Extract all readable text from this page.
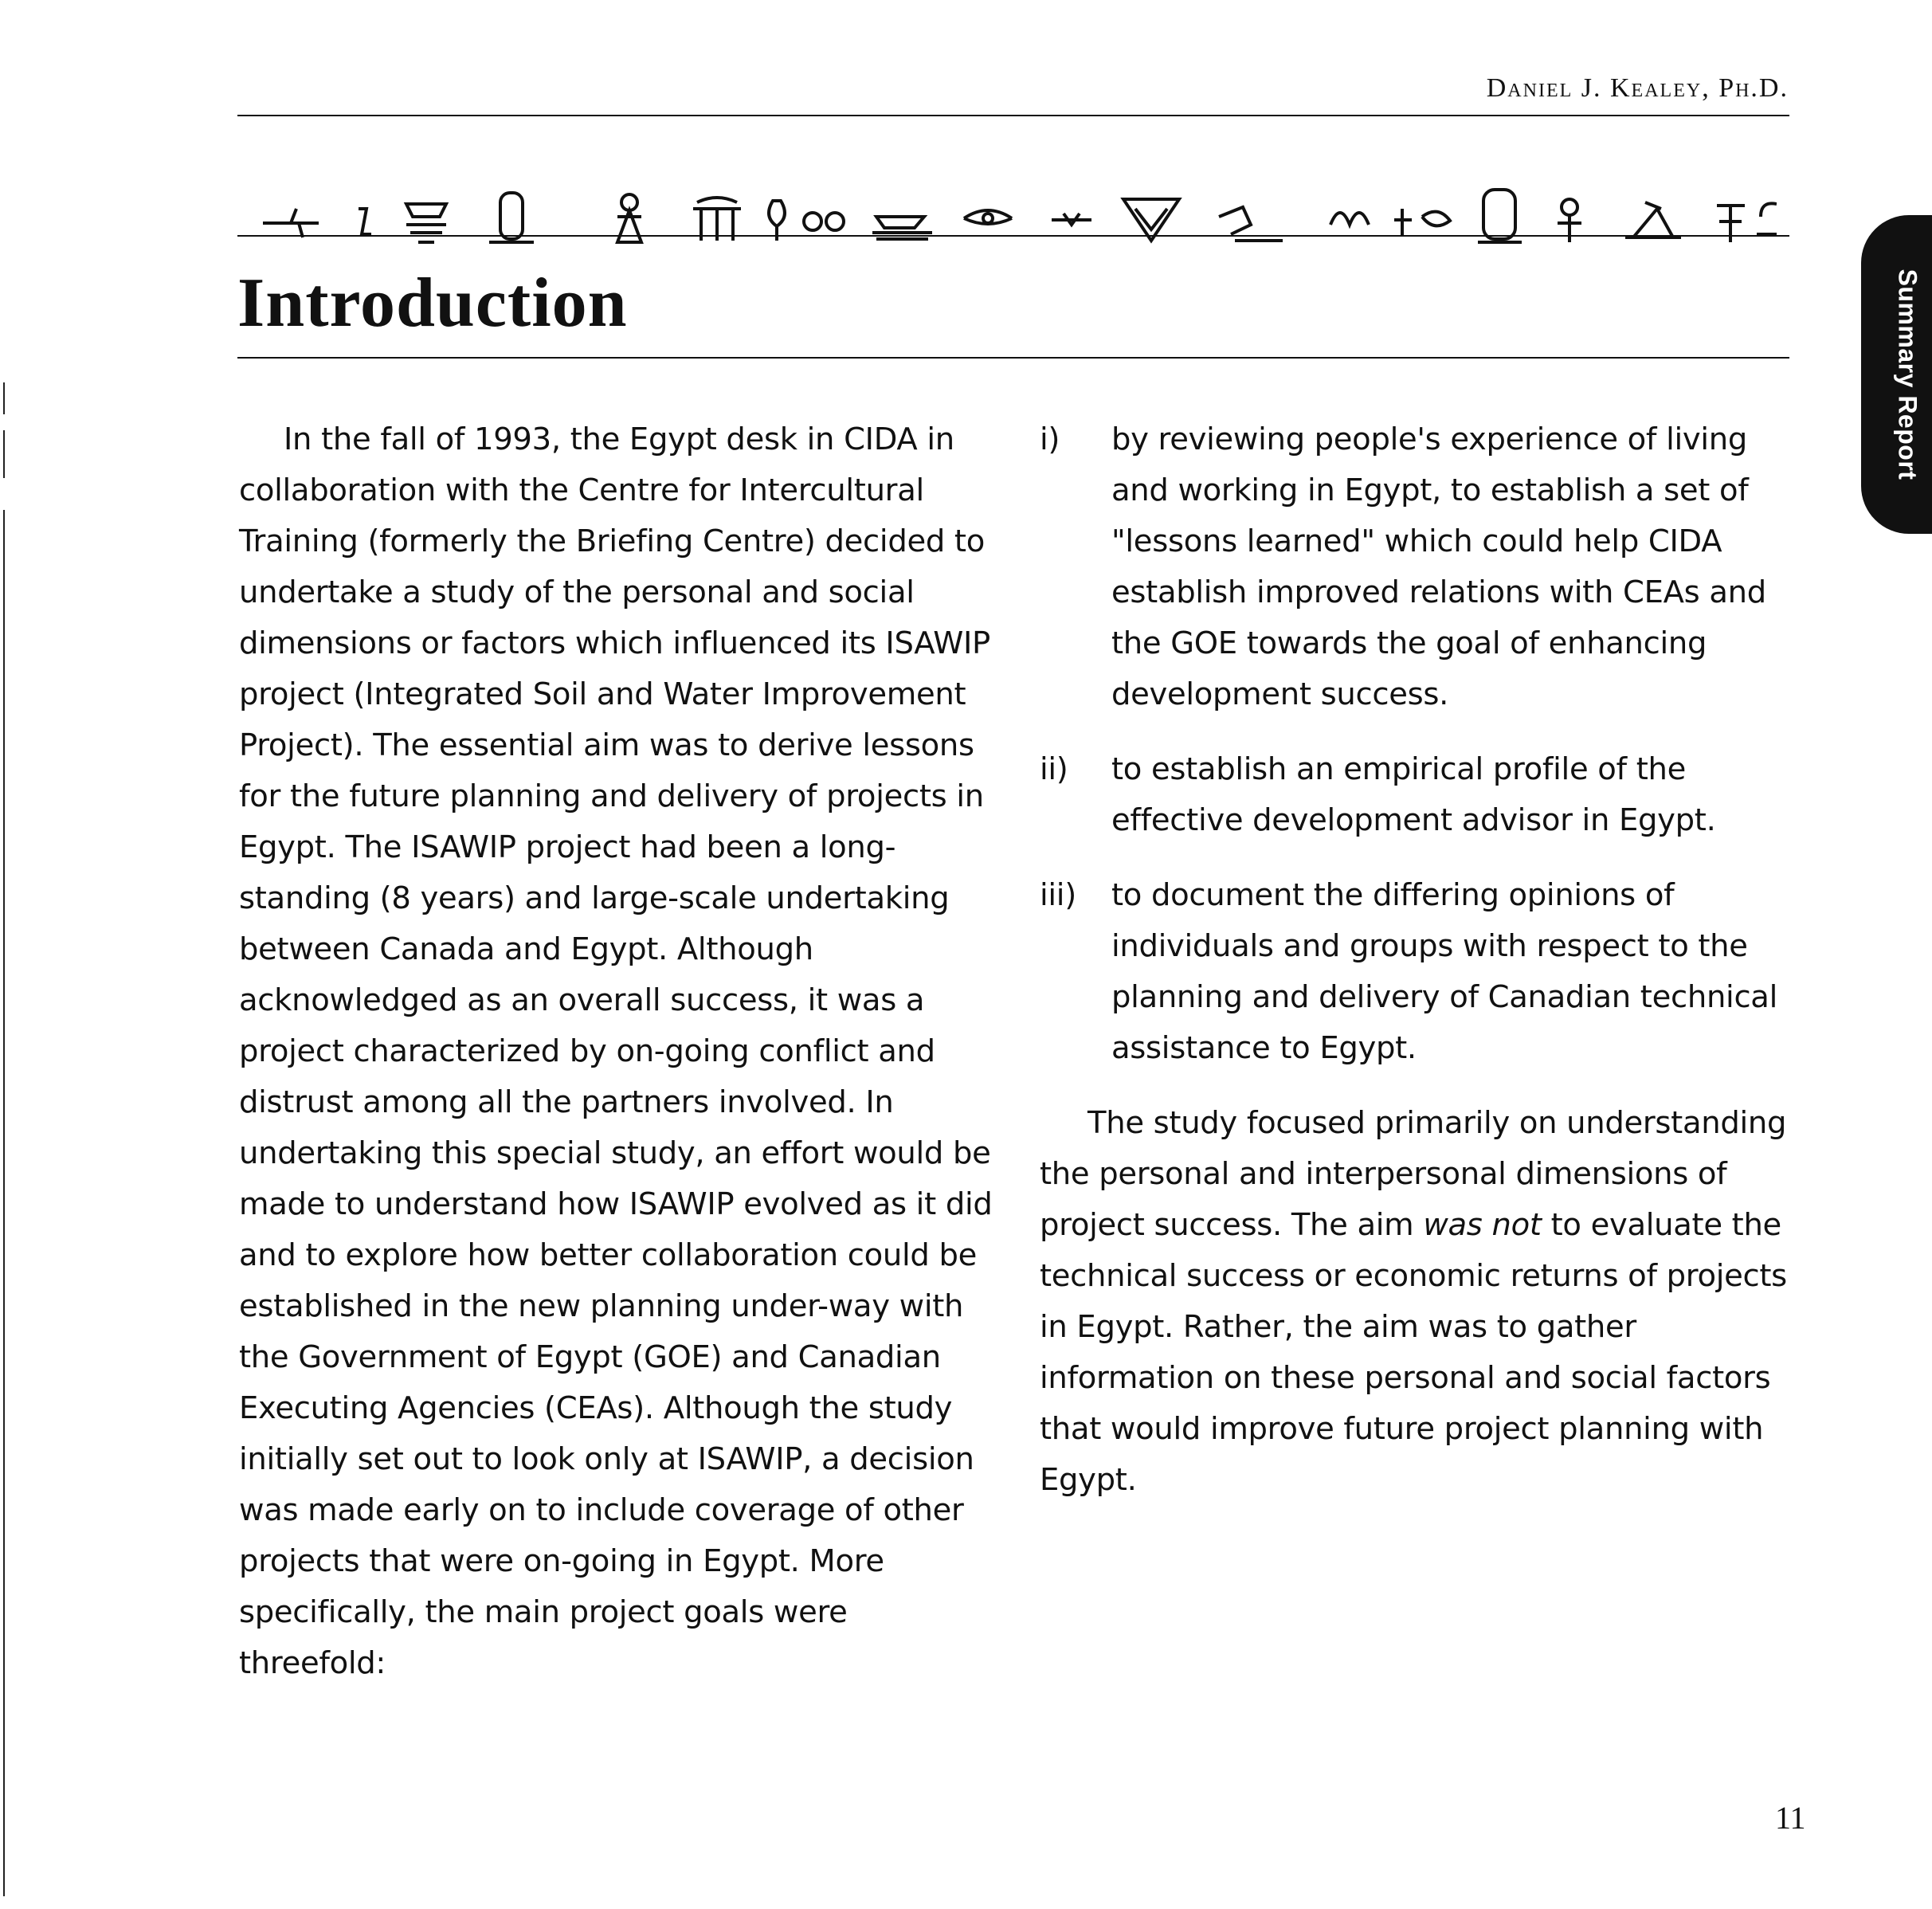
Daniel J. Kealey, Ph.D.
Introduction

In the fall of 1993, the Egypt desk in CIDA in collaboration with the Centre for Intercultural Training (formerly the Briefing Centre) decided to undertake a study of the personal and social dimensions or factors which influenced its ISAWIP project (Integrated Soil and Water Improvement Project). The essential aim was to derive lessons for the future planning and delivery of projects in Egypt. The ISAWIP project had been a long-standing (8 years) and large-scale undertaking between Canada and Egypt. Although acknowledged as an overall success, it was a project characterized by on-going conflict and distrust among all the partners involved. In undertaking this special study, an effort would be made to understand how ISAWIP evolved as it did and to explore how better collaboration could be established in the new planning under-way with the Government of Egypt (GOE) and Canadian Executing Agencies (CEAs). Although the study initially set out to look only at ISAWIP, a decision was made early on to include coverage of other projects that were on-going in Egypt. More specifically, the main project goals were threefold:

i) by reviewing people's experience of living and working in Egypt, to establish a set of "lessons learned" which could help CIDA establish improved relations with CEAs and the GOE towards the goal of enhancing development success.
ii) to establish an empirical profile of the effective development advisor in Egypt.
iii) to document the differing opinions of individuals and groups with respect to the planning and delivery of Canadian technical assistance to Egypt.

The study focused primarily on understanding the personal and interpersonal dimensions of project success. The aim was not to evaluate the technical success or economic returns of projects in Egypt. Rather, the aim was to gather information on these personal and social factors that would improve future project planning with Egypt.

Summary Report
11
